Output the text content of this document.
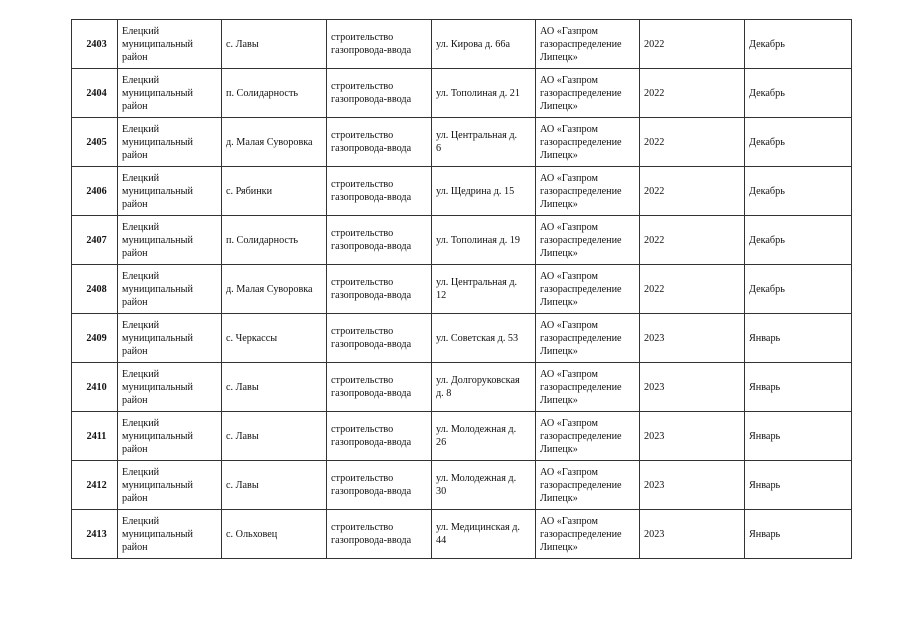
2403	Елецкий
муниципальный
район	с. Лавы	строительство
газопровода-ввода	ул. Кирова д. 66а	АО «Газпром
газораспределение
Липецк»	2022	Декабрь
2404	Елецкий
муниципальный
район	п. Солидарность	строительство
газопровода-ввода	ул. Тополиная д. 21	АО «Газпром
газораспределение
Липецк»	2022	Декабрь
2405	Елецкий
муниципальный
район	д. Малая Суворовка	строительство
газопровода-ввода	ул. Центральная д.
6	АО «Газпром
газораспределение
Липецк»	2022	Декабрь
2406	Елецкий
муниципальный
район	с. Рябинки	строительство
газопровода-ввода	ул. Щедрина д. 15	АО «Газпром
газораспределение
Липецк»	2022	Декабрь
2407	Елецкий
муниципальный
район	п. Солидарность	строительство
газопровода-ввода	ул. Тополиная д. 19	АО «Газпром
газораспределение
Липецк»	2022	Декабрь
2408	Елецкий
муниципальный
район	д. Малая Суворовка	строительство
газопровода-ввода	ул. Центральная д.
12	АО «Газпром
газораспределение
Липецк»	2022	Декабрь
2409	Елецкий
муниципальный
район	с. Черкассы	строительство
газопровода-ввода	ул. Советская д. 53	АО «Газпром
газораспределение
Липецк»	2023	Январь
2410	Елецкий
муниципальный
район	с. Лавы	строительство
газопровода-ввода	ул. Долгоруковская
д. 8	АО «Газпром
газораспределение
Липецк»	2023	Январь
2411	Елецкий
муниципальный
район	с. Лавы	строительство
газопровода-ввода	ул. Молодежная д.
26	АО «Газпром
газораспределение
Липецк»	2023	Январь
2412	Елецкий
муниципальный
район	с. Лавы	строительство
газопровода-ввода	ул. Молодежная д.
30	АО «Газпром
газораспределение
Липецк»	2023	Январь
2413	Елецкий
муниципальный
район	с. Ольховец	строительство
газопровода-ввода	ул. Медицинская д.
44	АО «Газпром
газораспределение
Липецк»	2023	Январь
